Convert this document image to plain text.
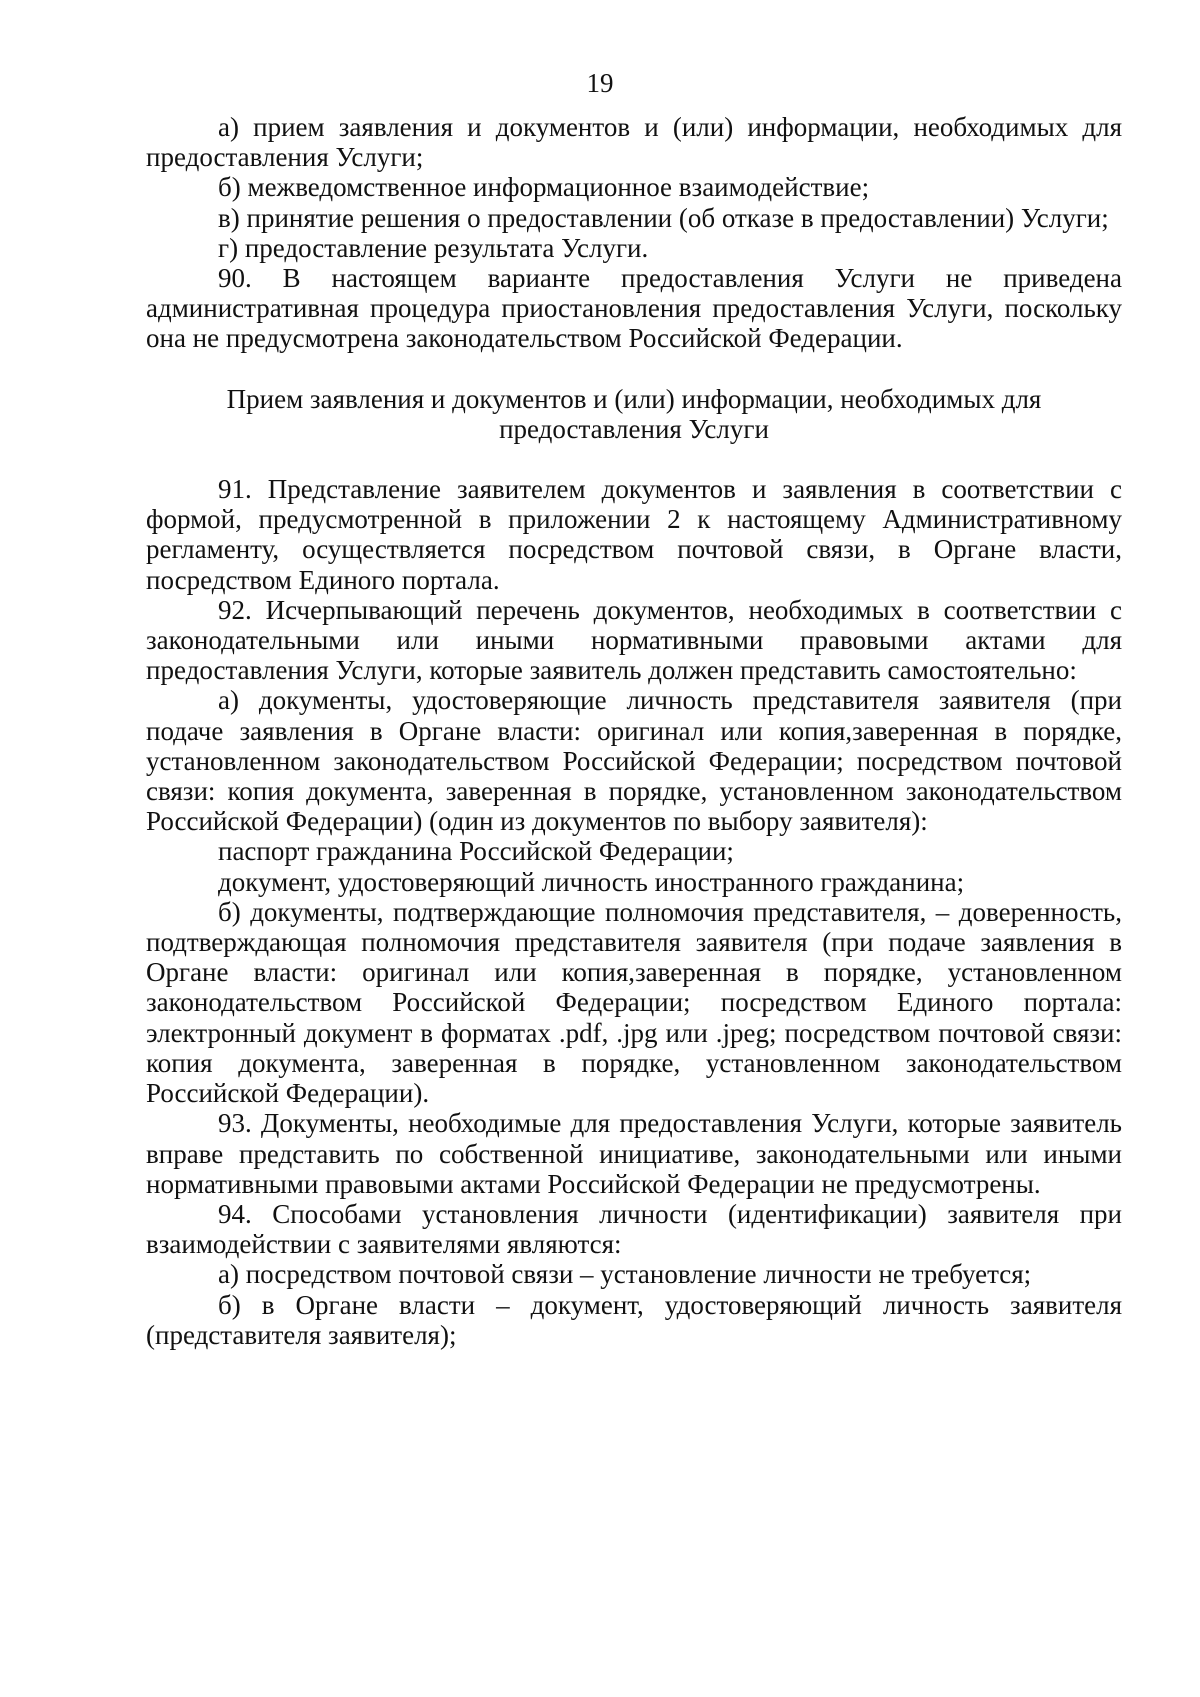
19

а) прием заявления и документов и (или) информации, необходимых для предоставления Услуги;

б) межведомственное информационное взаимодействие;

в) принятие решения о предоставлении (об отказе в предоставлении) Услуги;

г) предоставление результата Услуги.

90. В настоящем варианте предоставления Услуги не приведена административная процедура приостановления предоставления Услуги, поскольку она не предусмотрена законодательством Российской Федерации.

Прием заявления и документов и (или) информации, необходимых для
предоставления Услуги

91. Представление заявителем документов и заявления в соответствии с формой, предусмотренной в приложении 2 к настоящему Административному регламенту, осуществляется посредством почтовой связи, в Органе власти, посредством Единого портала.

92. Исчерпывающий перечень документов, необходимых в соответствии с законодательными или иными нормативными правовыми актами для предоставления Услуги, которые заявитель должен представить самостоятельно:

а) документы, удостоверяющие личность представителя заявителя (при подаче заявления в Органе власти: оригинал или копия,заверенная в порядке, установленном законодательством Российской Федерации; посредством почтовой связи: копия документа, заверенная в порядке, установленном законодательством Российской Федерации) (один из документов по выбору заявителя):

паспорт гражданина Российской Федерации;

документ, удостоверяющий личность иностранного гражданина;

б) документы, подтверждающие полномочия представителя, – доверенность, подтверждающая полномочия представителя заявителя (при подаче заявления в Органе власти: оригинал или копия,заверенная в порядке, установленном законодательством Российской Федерации; посредством Единого портала: электронный документ в форматах .pdf, .jpg или .jpeg; посредством почтовой связи: копия документа, заверенная в порядке, установленном законодательством Российской Федерации).

93. Документы, необходимые для предоставления Услуги, которые заявитель вправе представить по собственной инициативе, законодательными или иными нормативными правовыми актами Российской Федерации не предусмотрены.

94. Способами установления личности (идентификации) заявителя при взаимодействии с заявителями являются:

а) посредством почтовой связи – установление личности не требуется;

б) в Органе власти – документ, удостоверяющий личность заявителя (представителя заявителя);
